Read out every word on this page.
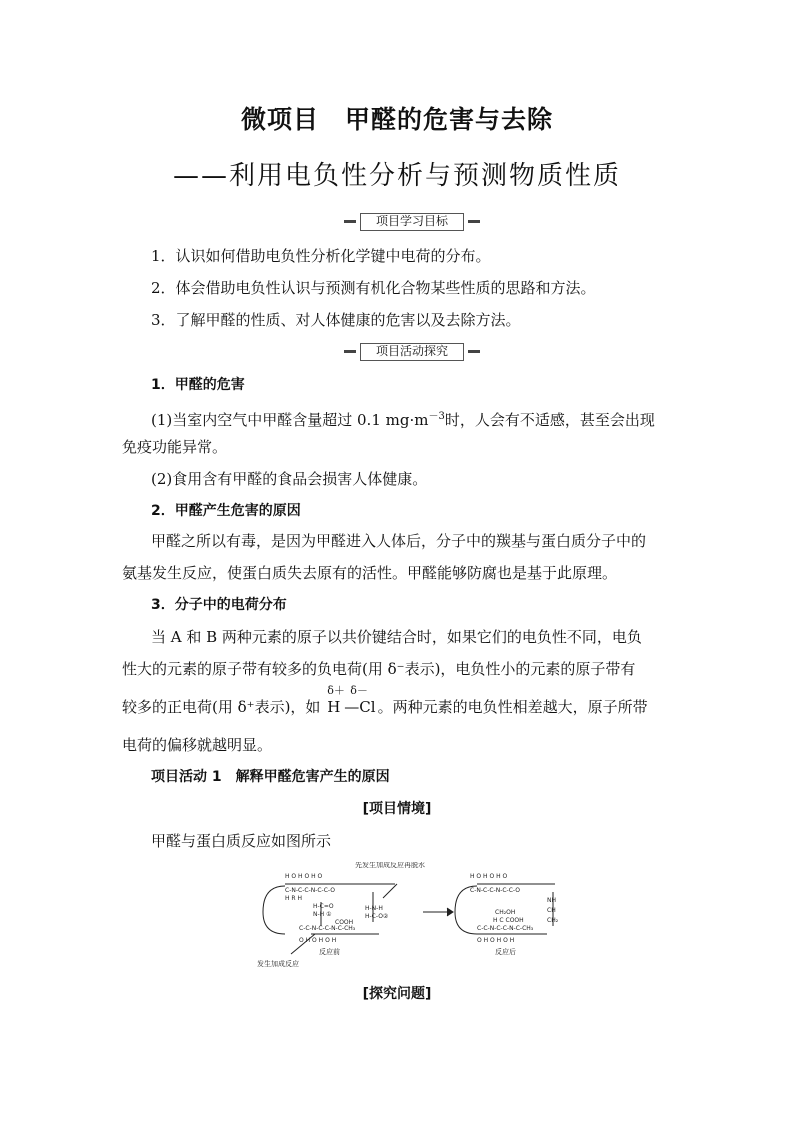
微项目　甲醛的危害与去除
——利用电负性分析与预测物质性质
项目学习目标
1．认识如何借助电负性分析化学键中电荷的分布。
2．体会借助电负性认识与预测有机化合物某些性质的思路和方法。
3．了解甲醛的性质、对人体健康的危害以及去除方法。
项目活动探究
1．甲醛的危害
(1)当室内空气中甲醛含量超过 0.1 $mg\cdot m^{-3}$时，人会有不适感，甚至会出现
免疫功能异常。
(2)食用含有甲醛的食品会损害人体健康。
2．甲醛产生危害的原因
甲醛之所以有毒，是因为甲醛进入人体后，分子中的羰基与蛋白质分子中的
氨基发生反应，使蛋白质失去原有的活性。甲醛能够防腐也是基于此原理。
3．分子中的电荷分布
当 A 和 B 两种元素的原子以共价键结合时，如果它们的电负性不同，电负
性大的元素的原子带有较多的负电荷(用 δ⁻表示)，电负性小的元素的原子带有
较多的正电荷(用 δ⁺表示)，如
δ＋
H
δ－
—Cl 。两种元素的电负性相差越大，原子所带
电荷的偏移就越明显。
项目活动 1　解释甲醛危害产生的原因
[项目情境]
甲醛与蛋白质反应如图所示
H O H O H O
C-N-C-C-N-C-C-O
H R H
H-C=O
N-H ①
COOH
C-C-N-C-C-N-C-CH₃
O H O H O H
H-N-H
H-C-O②
H O H O H O
C-N-C-C-N-C-C-O
NH
CH
CH₂OH
H C COOH	CH₂
C-C-N-C-C-N-C-CH₃
O H O H O H
先发生加成反应再脱水
发生加成反应
反应前	反应后
[探究问题]
